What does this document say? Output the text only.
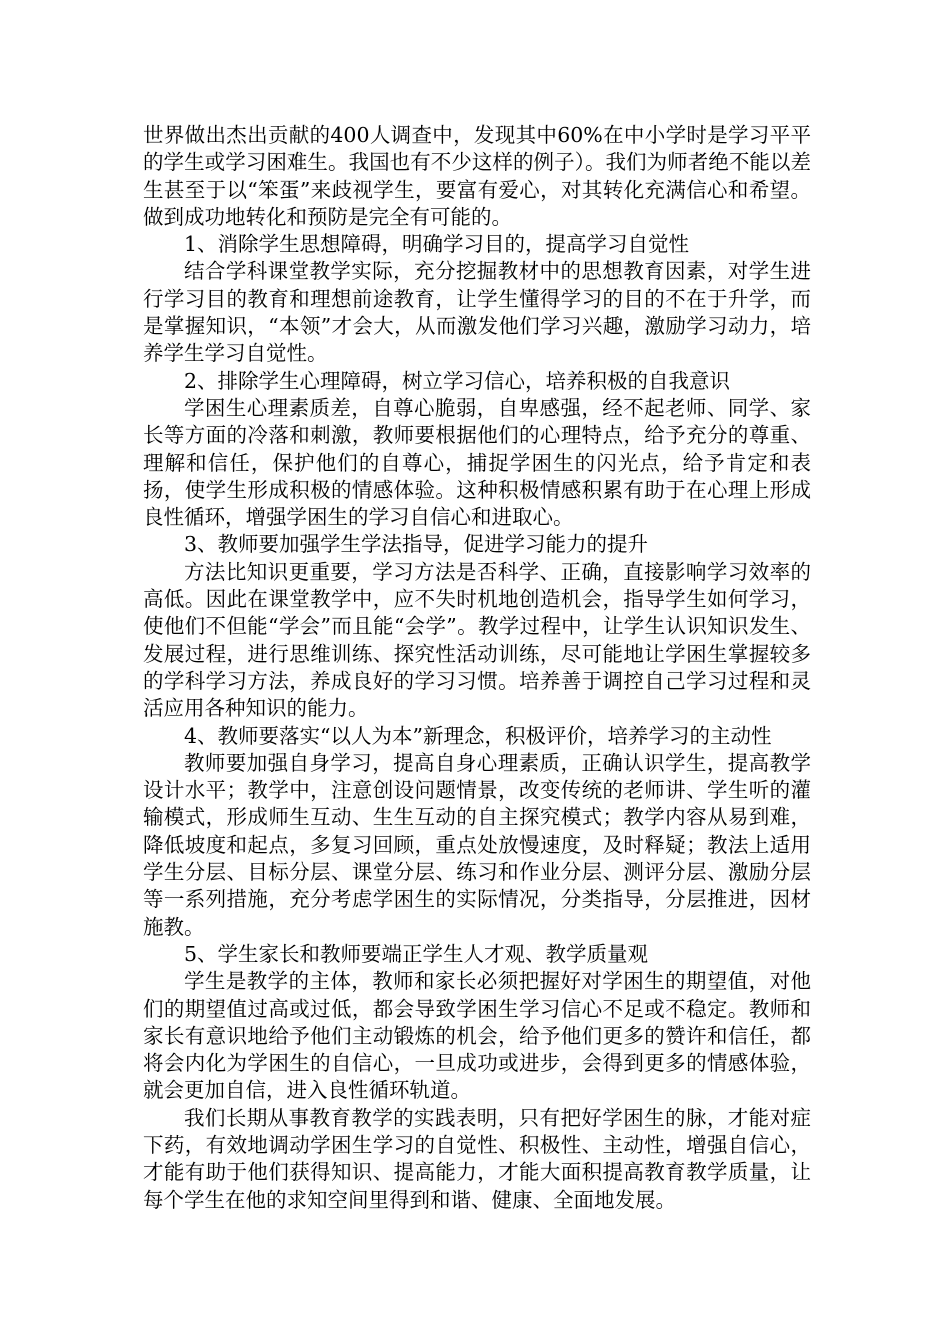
世界做出杰出贡献的400人调查中，发现其中60%在中小学时是学习平平的学生或学习困难生。我国也有不少这样的例子）。我们为师者绝不能以差生甚至于以“笨蛋”来歧视学生，要富有爱心，对其转化充满信心和希望。做到成功地转化和预防是完全有可能的。

1、消除学生思想障碍，明确学习目的，提高学习自觉性

结合学科课堂教学实际，充分挖掘教材中的思想教育因素，对学生进行学习目的教育和理想前途教育，让学生懂得学习的目的不在于升学，而是掌握知识，“本领”才会大，从而激发他们学习兴趣，激励学习动力，培养学生学习自觉性。

2、排除学生心理障碍，树立学习信心，培养积极的自我意识

学困生心理素质差，自尊心脆弱，自卑感强，经不起老师、同学、家长等方面的冷落和刺激，教师要根据他们的心理特点，给予充分的尊重、理解和信任，保护他们的自尊心，捕捉学困生的闪光点，给予肯定和表扬，使学生形成积极的情感体验。这种积极情感积累有助于在心理上形成良性循环，增强学困生的学习自信心和进取心。

3、教师要加强学生学法指导，促进学习能力的提升

方法比知识更重要，学习方法是否科学、正确，直接影响学习效率的高低。因此在课堂教学中，应不失时机地创造机会，指导学生如何学习，使他们不但能“学会”而且能“会学”。教学过程中，让学生认识知识发生、发展过程，进行思维训练、探究性活动训练，尽可能地让学困生掌握较多的学科学习方法，养成良好的学习习惯。培养善于调控自己学习过程和灵活应用各种知识的能力。

4、教师要落实“以人为本”新理念，积极评价，培养学习的主动性

教师要加强自身学习，提高自身心理素质，正确认识学生，提高教学设计水平；教学中，注意创设问题情景，改变传统的老师讲、学生听的灌输模式，形成师生互动、生生互动的自主探究模式；教学内容从易到难，降低坡度和起点，多复习回顾，重点处放慢速度，及时释疑；教法上适用学生分层、目标分层、课堂分层、练习和作业分层、测评分层、激励分层等一系列措施，充分考虑学困生的实际情况，分类指导，分层推进，因材施教。

5、学生家长和教师要端正学生人才观、教学质量观

学生是教学的主体，教师和家长必须把握好对学困生的期望值，对他们的期望值过高或过低，都会导致学困生学习信心不足或不稳定。教师和家长有意识地给予他们主动锻炼的机会，给予他们更多的赞许和信任，都将会内化为学困生的自信心，一旦成功或进步，会得到更多的情感体验，就会更加自信，进入良性循环轨道。

我们长期从事教育教学的实践表明，只有把好学困生的脉，才能对症下药，有效地调动学困生学习的自觉性、积极性、主动性，增强自信心，才能有助于他们获得知识、提高能力，才能大面积提高教育教学质量，让每个学生在他的求知空间里得到和谐、健康、全面地发展。
